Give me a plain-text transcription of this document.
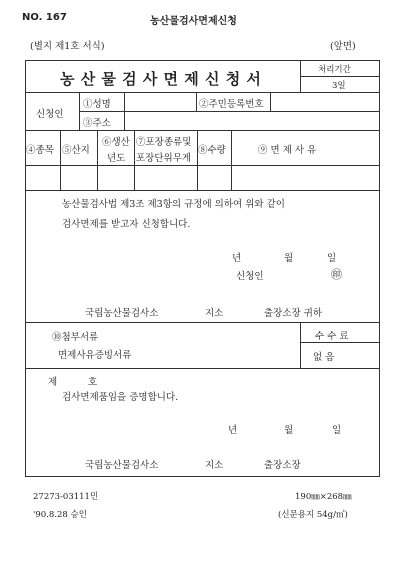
NO. 167	농산물검사면제신청
(별지 제1호 서식)	(앞면)
농 산 물 검 사 면 제 신 청 서	처리기간
3일
신청인
①성명	②주민등록번호
③주소
④종목 ⑤산지
⑥생산
년도
⑦포장종류및
포장단위무게
⑧수량	⑨ 면 제 사 유
농산물검사법 제3조 제3항의 규정에 의하여 위와 같이
검사면제를 받고자 신청합니다.
년	월	일
신청인	㊞
국립농산물검사소	지소	출장소장 귀하
⑩첨부서류
면제사유증빙서류
수 수 료
없 음
제	호
검사면제품임을 증명합니다.
년	월	일
국립농산물검사소	지소	출장소장
27273-03111민
'90.8.28 승인
190㎜×268㎜
(신문용지 54g/㎡)
